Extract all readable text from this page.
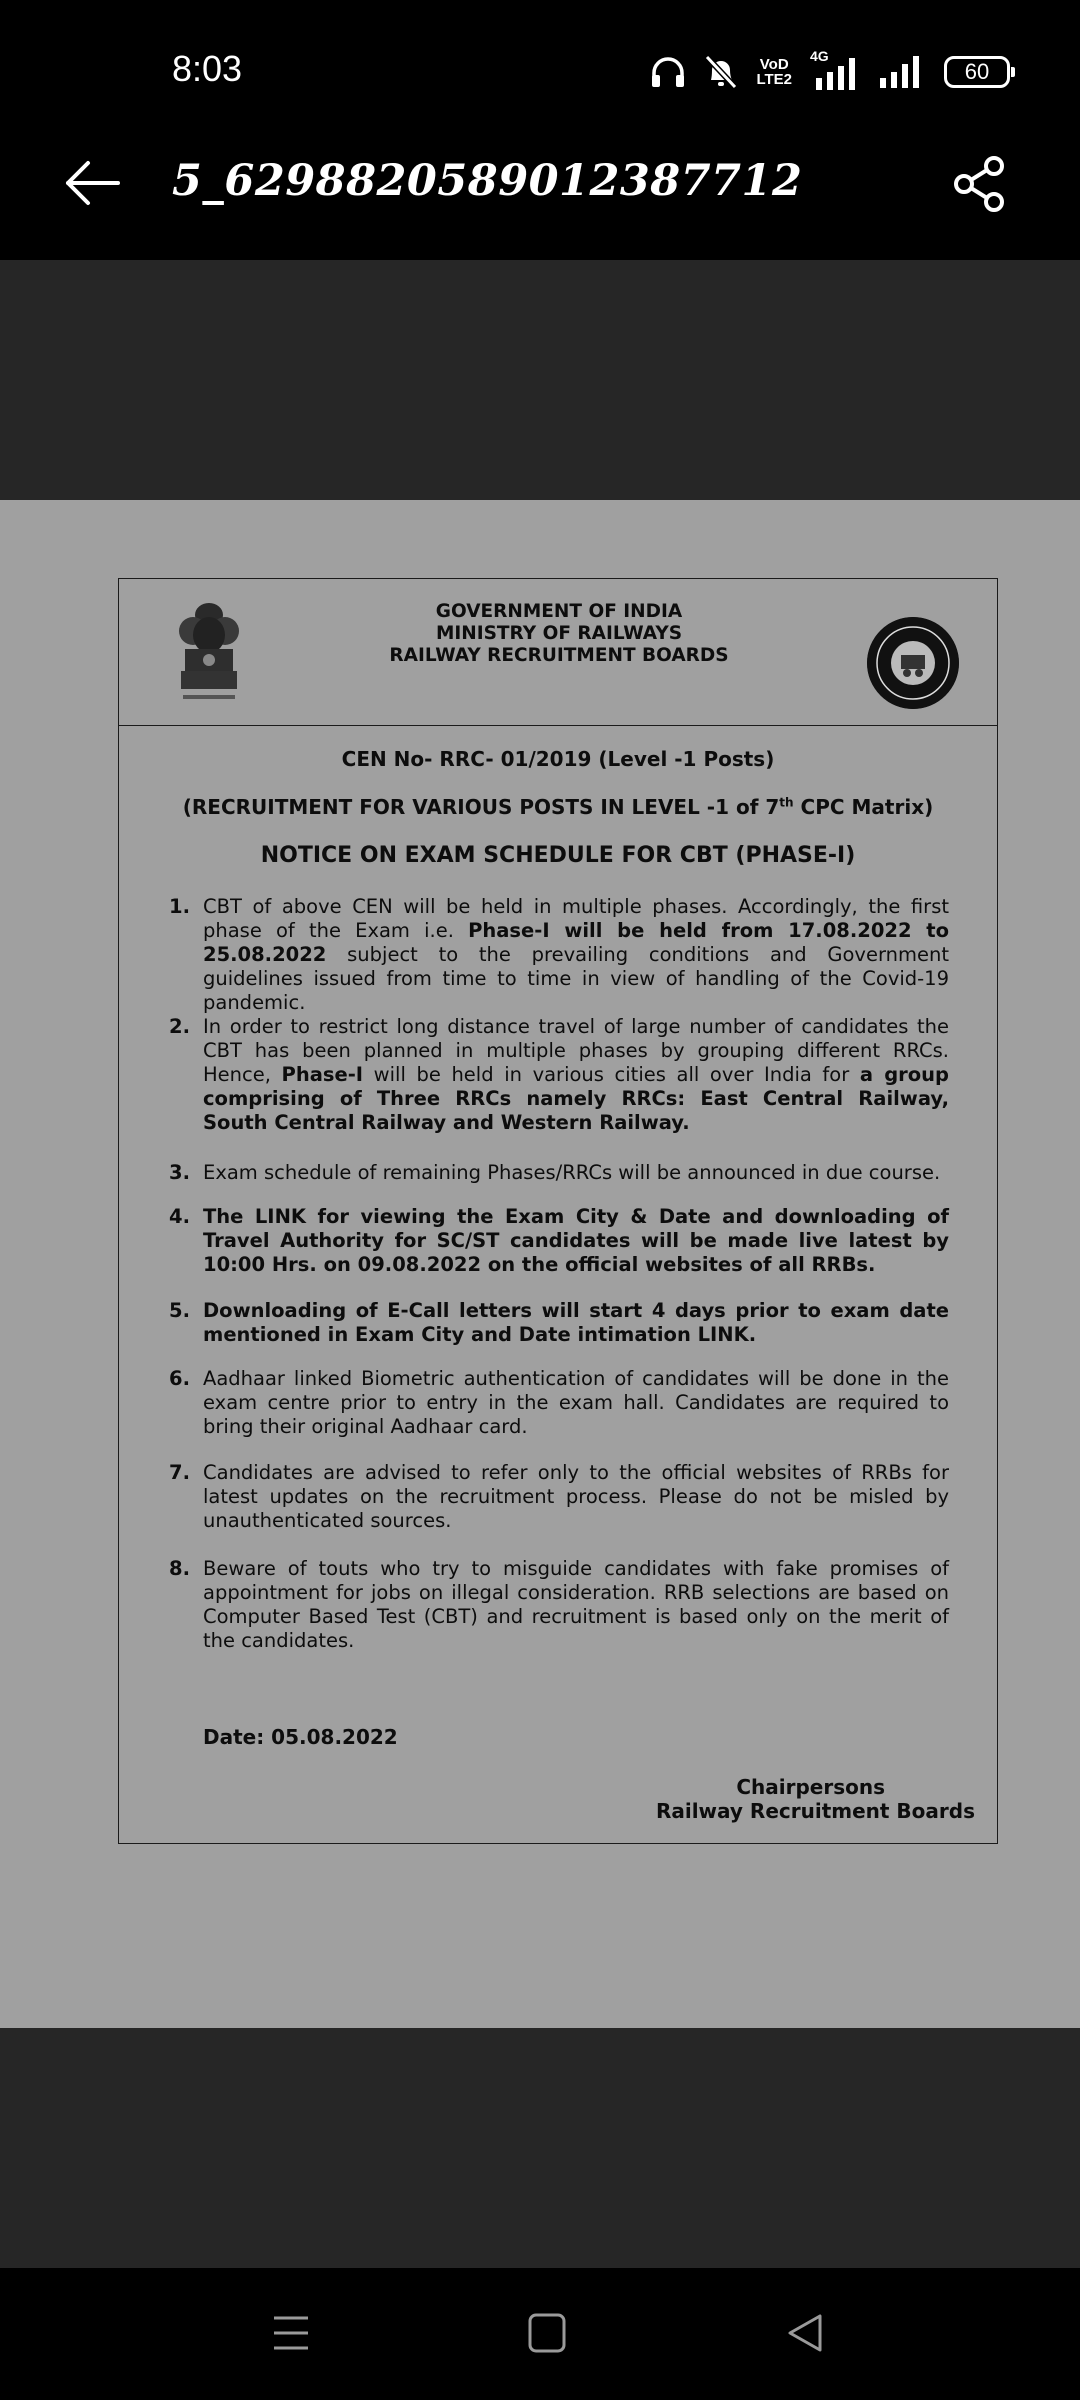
8:03	VoD
LTE2
4G
60
5_6298820589012387712
GOVERNMENT OF INDIA
MINISTRY OF RAILWAYS
RAILWAY RECRUITMENT BOARDS
CEN No- RRC- 01/2019 (Level -1 Posts)
(RECRUITMENT FOR VARIOUS POSTS IN LEVEL -1 of 7th CPC Matrix)
NOTICE ON EXAM SCHEDULE FOR CBT (PHASE-I)
1. CBT of above CEN will be held in multiple phases. Accordingly, the first phase of the Exam i.e. Phase-I will be held from 17.08.2022 to 25.08.2022 subject to the prevailing conditions and Government guidelines issued from time to time in view of handling of the Covid-19 pandemic.
2. In order to restrict long distance travel of large number of candidates the CBT has been planned in multiple phases by grouping different RRCs. Hence, Phase-I will be held in various cities all over India for a group comprising of Three RRCs namely RRCs: East Central Railway, South Central Railway and Western Railway.
3. Exam schedule of remaining Phases/RRCs will be announced in due course.
4. The LINK for viewing the Exam City & Date and downloading of Travel Authority for SC/ST candidates will be made live latest by 10:00 Hrs. on 09.08.2022 on the official websites of all RRBs.
5. Downloading of E-Call letters will start 4 days prior to exam date mentioned in Exam City and Date intimation LINK.
6. Aadhaar linked Biometric authentication of candidates will be done in the exam centre prior to entry in the exam hall. Candidates are required to bring their original Aadhaar card.
7. Candidates are advised to refer only to the official websites of RRBs for latest updates on the recruitment process. Please do not be misled by unauthenticated sources.
8. Beware of touts who try to misguide candidates with fake promises of appointment for jobs on illegal consideration. RRB selections are based on Computer Based Test (CBT) and recruitment is based only on the merit of the candidates.
Date: 05.08.2022
Chairpersons
Railway Recruitment Boards
